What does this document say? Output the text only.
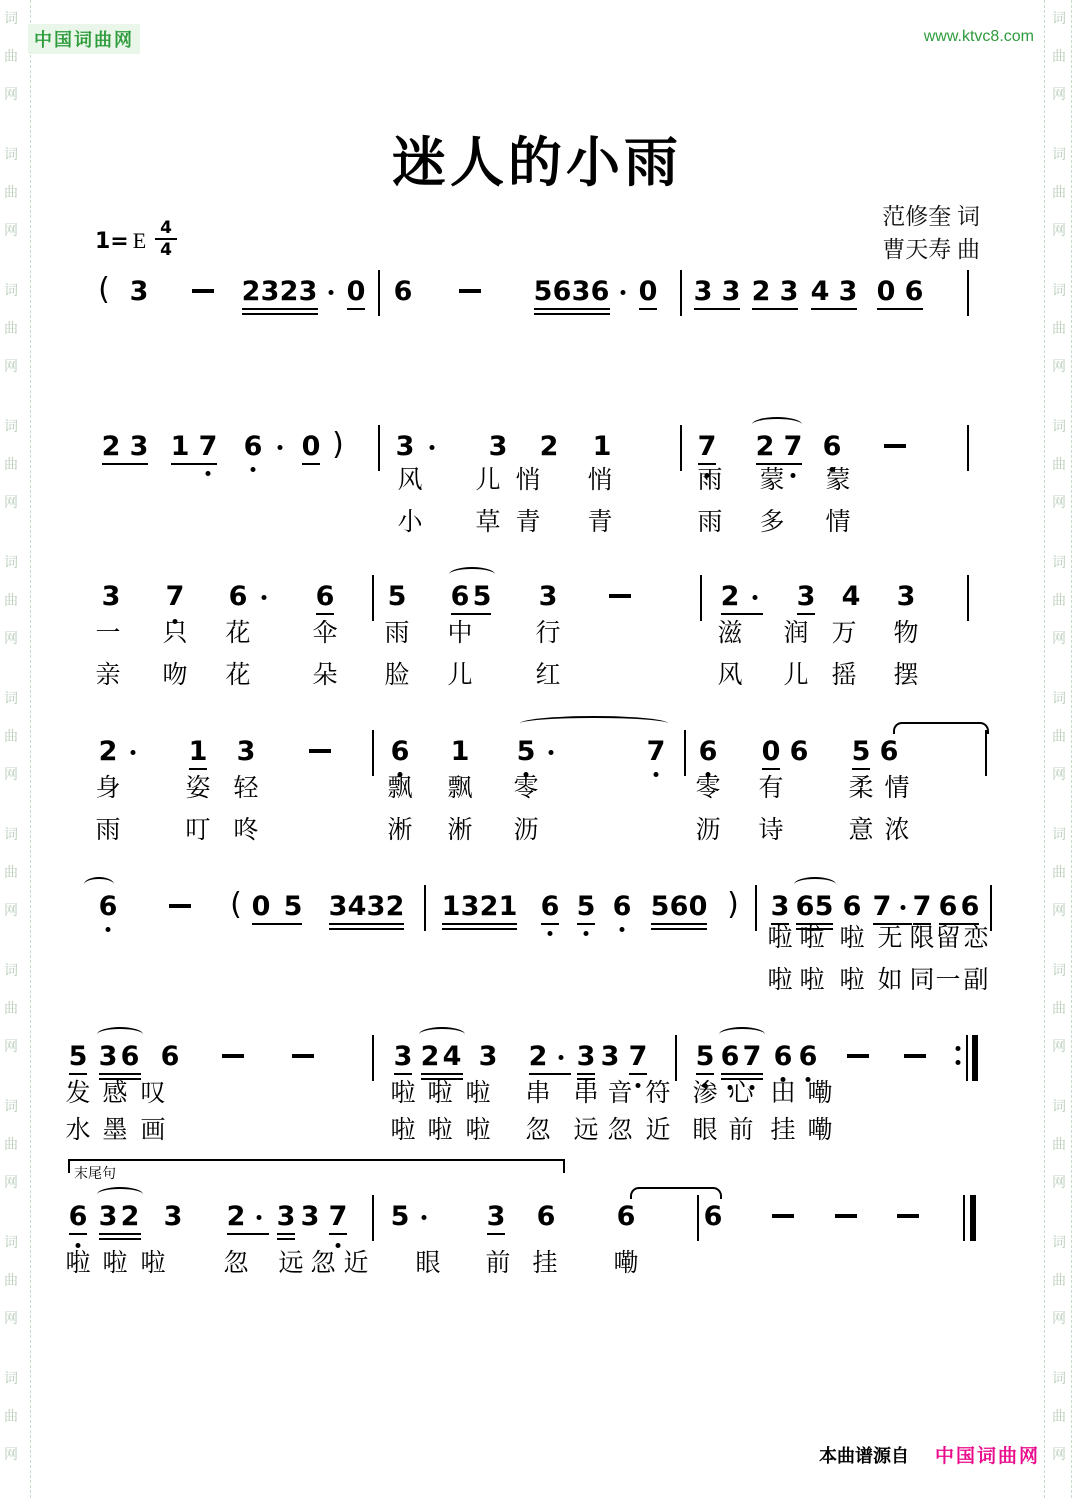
词
曲
网
词
曲
网
词
曲
网
词
曲
网
词
曲
网
词
曲
网
词
曲
网
词
曲
网
词
曲
网
词
曲
网
词
曲
网
词
曲
网
词
曲
网
词
曲
网
词
曲
网
词
曲
网
词
曲
网
词
曲
网
词
曲
网
词
曲
网
词
曲
网
词
曲
网
中国词曲网	www.ktvc8.com
迷人的小雨
范修奎 词
曹天寿 曲
1= E $\frac{4}{4}$
( 3	2 3 2 3 0 6	5 6 3 6 0 3 3 2 3 4 3 0 6
2 3 1 7 6 0 ) 3	3 2 1	7 2 7 6
风 儿 悄 悄	雨 蒙 蒙
小 草 青 青	雨 多 情
3 7 6	6 5 6 5 3	2 3 4 3
一 只 花 伞 雨 中	行	滋 润 万 物
亲 吻 花 朵 脸 儿	红	风 儿 摇 摆
2	1 3	6 1 5	7 6 0 6 5 6
身	姿 轻	飘 飘 零	零 有	柔 情
雨	叮 咚	淅 淅 沥	沥 诗	意 浓
6	( 0 5 3 4 3 2 1 3 2 1 6 5 6 5 6 0 ) 3 6 5 6 7 7 6 6
啦 啦 啦 无 限 留 恋
啦 啦 啦 如 同 一 副
5 3 6 6	3 2 4 3 2 3 3 7 5 6 7 6 6
发 感 叹	啦 啦 啦 串 串 音 符 渗 心 田 嘞
水 墨 画	啦 啦 啦 忽 远 忽 近 眼 前 挂 嘞
6 3 2 3 2 3 3 7 5	3 6 6	6
啦 啦 啦 忽 远 忽 近 眼 前 挂 嘞
末尾句
本曲谱源自 中国词曲网
